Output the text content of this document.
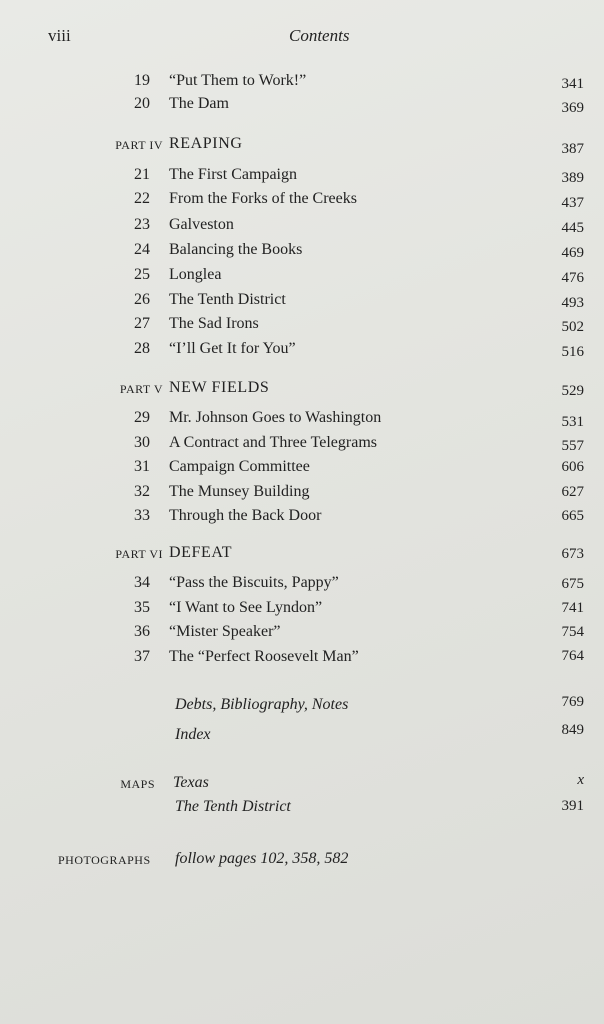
viii	Contents
19 “Put Them to Work!”	341
20 The Dam	369
PART IV REAPING	387
21 The First Campaign	389
22 From the Forks of the Creeks	437
23 Galveston	445
24 Balancing the Books	469
25 Longlea	476
26 The Tenth District	493
27 The Sad Irons	502
28 “I’ll Get It for You”	516
PART V NEW FIELDS	529
29 Mr. Johnson Goes to Washington	531
30 A Contract and Three Telegrams	557
31 Campaign Committee	606
32 The Munsey Building	627
33 Through the Back Door	665
PART VI DEFEAT	673
34 “Pass the Biscuits, Pappy”	675
35 “I Want to See Lyndon”	741
36 “Mister Speaker”	754
37 The “Perfect Roosevelt Man”	764
Debts, Bibliography, Notes	769
Index	849
MAPS Texas	x
The Tenth District	391
PHOTOGRAPHS follow pages 102, 358, 582
